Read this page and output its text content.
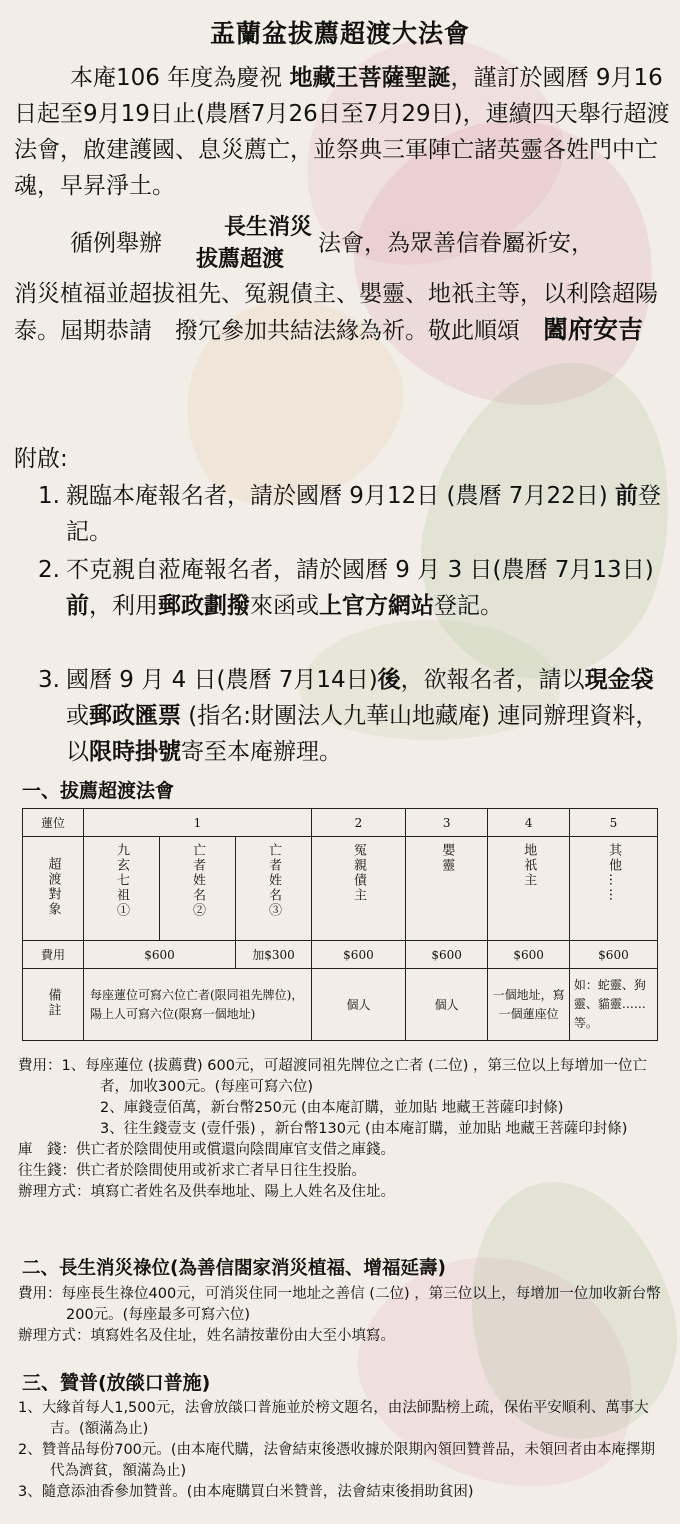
盂蘭盆拔薦超渡大法會

本庵106 年度為慶祝 地藏王菩薩聖誕，謹訂於國曆 9月16日起至9月19日止(農曆7月26日至7月29日)，連續四天舉行超渡法會，啟建護國、息災薦亡，並祭典三軍陣亡諸英靈各姓門中亡魂，早昇淨土。

循例舉辦長生消災
拔薦超渡法會，為眾善信眷屬祈安，

消災植福並超拔祖先、冤親債主、嬰靈、地祇主等，以利陰超陽泰。屆期恭請　撥冗參加共結法緣為祈。敬此順頌　 闔府安吉

附啟:
1. 親臨本庵報名者，請於國曆 9月12日 (農曆 7月22日) 前登記。
2. 不克親自蒞庵報名者，請於國曆 9 月 3 日(農曆 7月13日)前，利用郵政劃撥來函或上官方網站登記。
3. 國曆 9 月 4 日(農曆 7月14日)後，欲報名者，請以現金袋或郵政匯票 (指名:財團法人九華山地藏庵) 連同辦理資料，以限時掛號寄至本庵辦理。
一、拔薦超渡法會
蓮位	1			2	3	4	5
超渡對象	九玄七祖①	亡者姓名②	亡者姓名③	冤親債主	嬰靈	地祇主	其他……
費用	$600		加$300	$600	$600	$600	$600
備註	每座蓮位可寫六位亡者(限同祖先牌位)，陽上人可寫六位(限寫一個地址)			個人	個人	一個地址，寫一個蓮座位	如：蛇靈、狗靈、貓靈……等。

費用：1、每座蓮位 (拔薦費) 600元，可超渡同祖先牌位之亡者 (二位) ，第三位以上每增加一位亡者，加收300元。(每座可寫六位)

2、庫錢壹佰萬，新台幣250元 (由本庵訂購，並加貼 地藏王菩薩印封條)

3、往生錢壹支 (壹仟張) ，新台幣130元 (由本庵訂購，並加貼 地藏王菩薩印封條)

庫　錢：供亡者於陰間使用或償還向陰間庫官支借之庫錢。

往生錢：供亡者於陰間使用或祈求亡者早日往生投胎。

辦理方式：填寫亡者姓名及供奉地址、陽上人姓名及住址。

二、長生消災祿位(為善信閤家消災植福、增福延壽)

費用：每座長生祿位400元，可消災住同一地址之善信 (二位) ，第三位以上，每增加一位加收新台幣200元。(每座最多可寫六位)

辦理方式：填寫姓名及住址，姓名請按輩份由大至小填寫。

三、贊普(放燄口普施)

1、大緣首每人1,500元，法會放燄口普施並於榜文題名，由法師點榜上疏，保佑平安順利、萬事大吉。(額滿為止)

2、贊普品每份700元。(由本庵代購，法會結束後憑收據於限期內領回贊普品，未領回者由本庵擇期代為濟貧，額滿為止)

3、隨意添油香參加贊普。(由本庵購買白米贊普，法會結束後捐助貧困)
